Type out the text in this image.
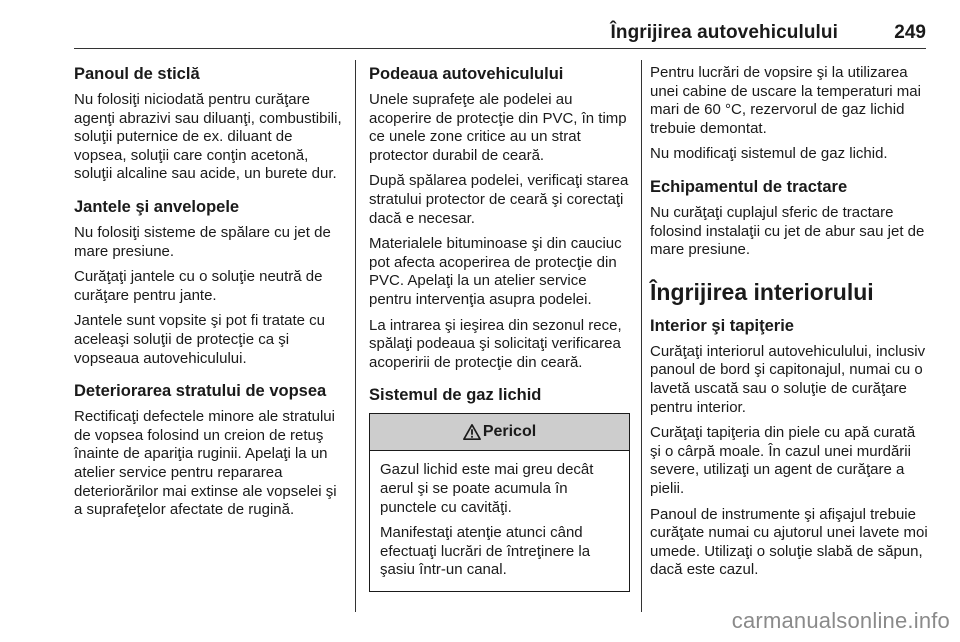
Îngrijirea autovehiculului	249
Panoul de sticlă

Nu folosiţi niciodată pentru curăţare agenţi abrazivi sau diluanţi, combustibili, soluţii puternice de ex. diluant de vopsea, soluţii care conţin acetonă, soluţii alcaline sau acide, un burete dur.

Jantele şi anvelopele

Nu folosiţi sisteme de spălare cu jet de mare presiune.

Curăţaţi jantele cu o soluţie neutră de curăţare pentru jante.

Jantele sunt vopsite şi pot fi tratate cu aceleaşi soluţii de protecţie ca şi vopseaua autovehiculului.

Deteriorarea stratului de vopsea

Rectificaţi defectele minore ale stratului de vopsea folosind un creion de retuş înainte de apariţia ruginii. Apelaţi la un atelier service pentru repararea deteriorărilor mai extinse ale vopselei şi a suprafeţelor afectate de rugină.

Podeaua autovehiculului

Unele suprafeţe ale podelei au acoperire de protecţie din PVC, în timp ce unele zone critice au un strat protector durabil de ceară.

După spălarea podelei, verificaţi starea stratului protector de ceară şi corectaţi dacă e necesar.

Materialele bituminoase şi din cauciuc pot afecta acoperirea de protecţie din PVC. Apelaţi la un atelier service pentru intervenţia asupra podelei.

La intrarea şi ieşirea din sezonul rece, spălaţi podeaua şi solicitaţi verificarea acoperirii de protecţie din ceară.

Sistemul de gaz lichid
Pericol

Gazul lichid este mai greu decât aerul şi se poate acumula în punctele cu cavităţi.

Manifestaţi atenţie atunci când efectuaţi lucrări de întreţinere la şasiu într-un canal.

Pentru lucrări de vopsire şi la utilizarea unei cabine de uscare la temperaturi mai mari de 60 °C, rezervorul de gaz lichid trebuie demontat.

Nu modificaţi sistemul de gaz lichid.

Echipamentul de tractare

Nu curăţaţi cuplajul sferic de tractare folosind instalaţii cu jet de abur sau jet de mare presiune.

Îngrijirea interiorului
Interior şi tapiţerie

Curăţaţi interiorul autovehiculului, inclusiv panoul de bord şi capitonajul, numai cu o lavetă uscată sau o soluţie de curăţare pentru interior.

Curăţaţi tapiţeria din piele cu apă curată şi o cârpă moale. În cazul unei murdării severe, utilizaţi un agent de curăţare a pielii.

Panoul de instrumente şi afişajul trebuie curăţate numai cu ajutorul unei lavete moi umede. Utilizaţi o soluţie slabă de săpun, dacă este cazul.

carmanualsonline.info
